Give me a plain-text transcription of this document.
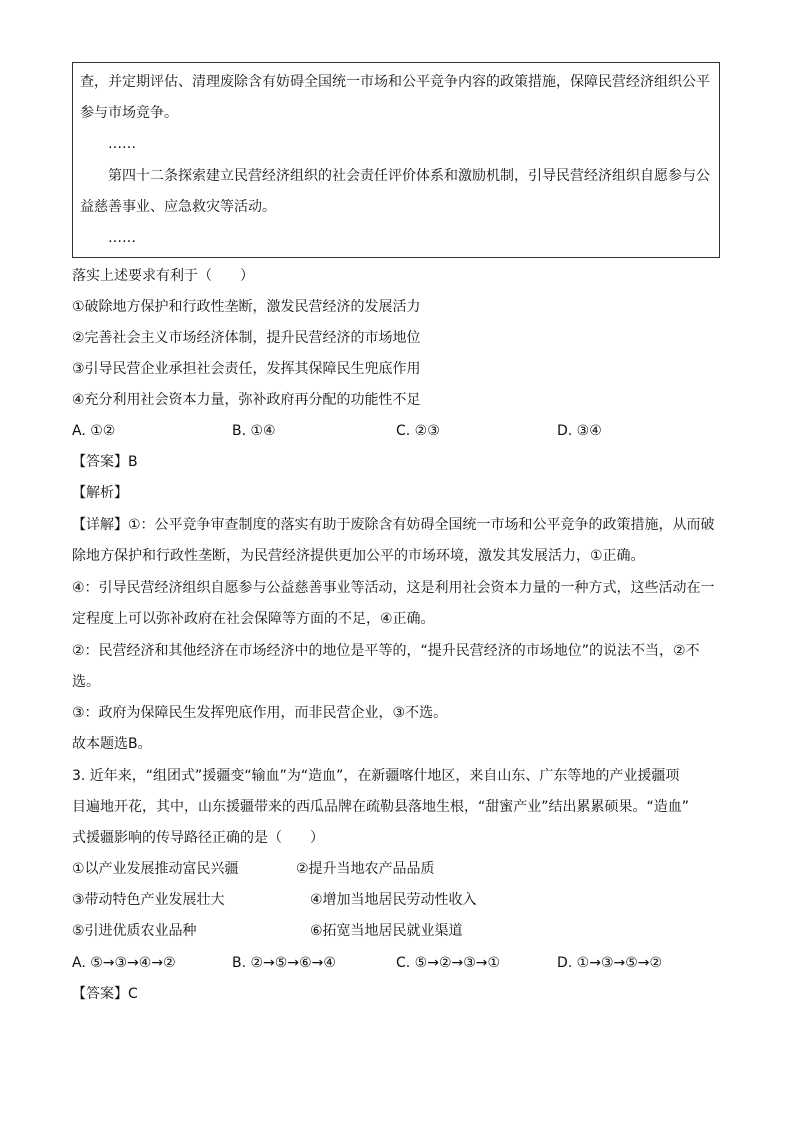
查，并定期评估、清理废除含有妨碍全国统一市场和公平竞争内容的政策措施，保障民营经济组织公平
参与市场竞争。
……
第四十二条探索建立民营经济组织的社会责任评价体系和激励机制，引导民营经济组织自愿参与公
益慈善事业、应急救灾等活动。
……
落实上述要求有利于（　　）
①破除地方保护和行政性垄断，激发民营经济的发展活力
②完善社会主义市场经济体制，提升民营经济的市场地位
③引导民营企业承担社会责任，发挥其保障民生兜底作用
④充分利用社会资本力量，弥补政府再分配的功能性不足
A. ①②	B. ①④	C. ②③	D. ③④
【答案】B
【解析】
【详解】①：公平竞争审查制度的落实有助于废除含有妨碍全国统一市场和公平竞争的政策措施，从而破
除地方保护和行政性垄断，为民营经济提供更加公平的市场环境，激发其发展活力，①正确。
④：引导民营经济组织自愿参与公益慈善事业等活动，这是利用社会资本力量的一种方式，这些活动在一
定程度上可以弥补政府在社会保障等方面的不足，④正确。
②：民营经济和其他经济在市场经济中的地位是平等的，“提升民营经济的市场地位”的说法不当，②不
选。
③：政府为保障民生发挥兜底作用，而非民营企业，③不选。
故本题选B。
3. 近年来，“组团式”援疆变“输血”为“造血”，在新疆喀什地区，来自山东、广东等地的产业援疆项
目遍地开花，其中，山东援疆带来的西瓜品牌在疏勒县落地生根，“甜蜜产业”结出累累硕果。“造血”
式援疆影响的传导路径正确的是（　　）
①以产业发展推动富民兴疆	②提升当地农产品品质
③带动特色产业发展壮大	④增加当地居民劳动性收入
⑤引进优质农业品种	⑥拓宽当地居民就业渠道
A. ⑤→③→④→②	B. ②→⑤→⑥→④	C. ⑤→②→③→①	D. ①→③→⑤→②
【答案】C
